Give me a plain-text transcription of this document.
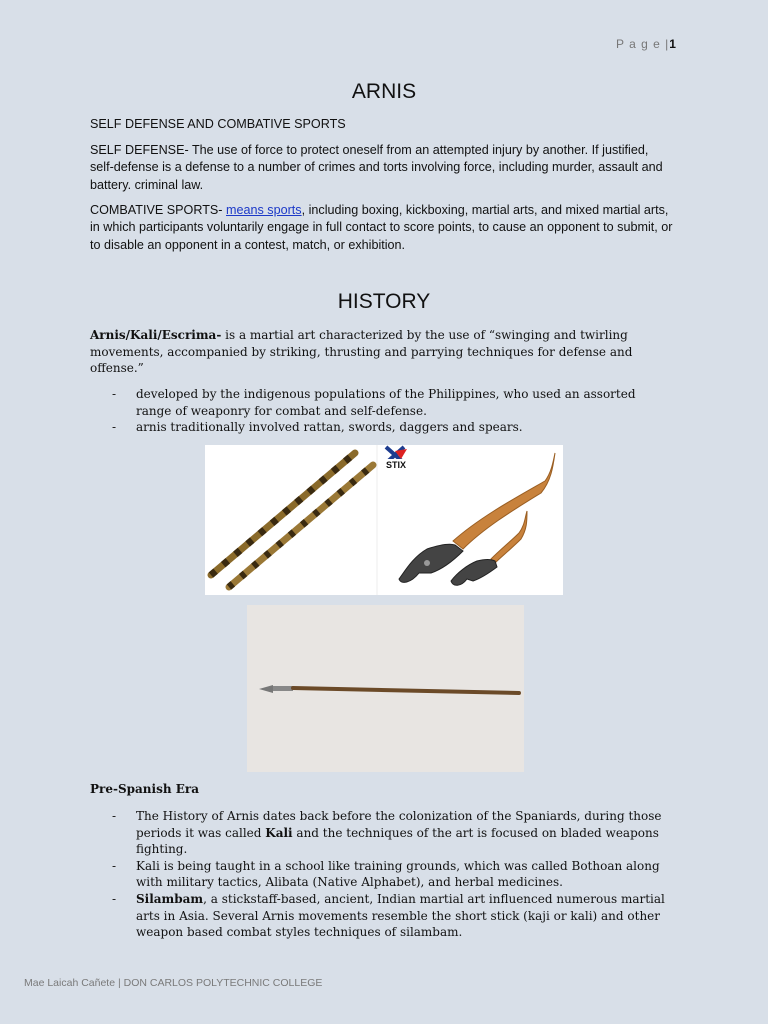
P a g e |1
ARNIS

SELF DEFENSE AND COMBATIVE SPORTS

SELF DEFENSE- The use of force to protect oneself from an attempted injury by another. If justified, self-defense is a defense to a number of crimes and torts involving force, including murder, assault and battery. criminal law.

COMBATIVE SPORTS- means sports, including boxing, kickboxing, martial arts, and mixed martial arts, in which participants voluntarily engage in full contact to score points, to cause an opponent to submit, or to disable an opponent in a contest, match, or exhibition.

HISTORY

Arnis/Kali/Escrima- is a martial art characterized by the use of “swinging and twirling movements, accompanied by striking, thrusting and parrying techniques for defense and offense.”

- developed by the indigenous populations of the Philippines, who used an assorted range of weaponry for combat and self-defense.
- arnis traditionally involved rattan, swords, daggers and spears.
STIX

Pre-Spanish Era

- The History of Arnis dates back before the colonization of the Spaniards, during those periods it was called Kali and the techniques of the art is focused on bladed weapons fighting.
- Kali is being taught in a school like training grounds, which was called Bothoan along with military tactics, Alibata (Native Alphabet), and herbal medicines.
- Silambam, a stickstaff-based, ancient, Indian martial art influenced numerous martial arts in Asia. Several Arnis movements resemble the short stick (kaji or kali) and other weapon based combat styles techniques of silambam.
Mae Laicah Cañete | DON CARLOS POLYTECHNIC COLLEGE
